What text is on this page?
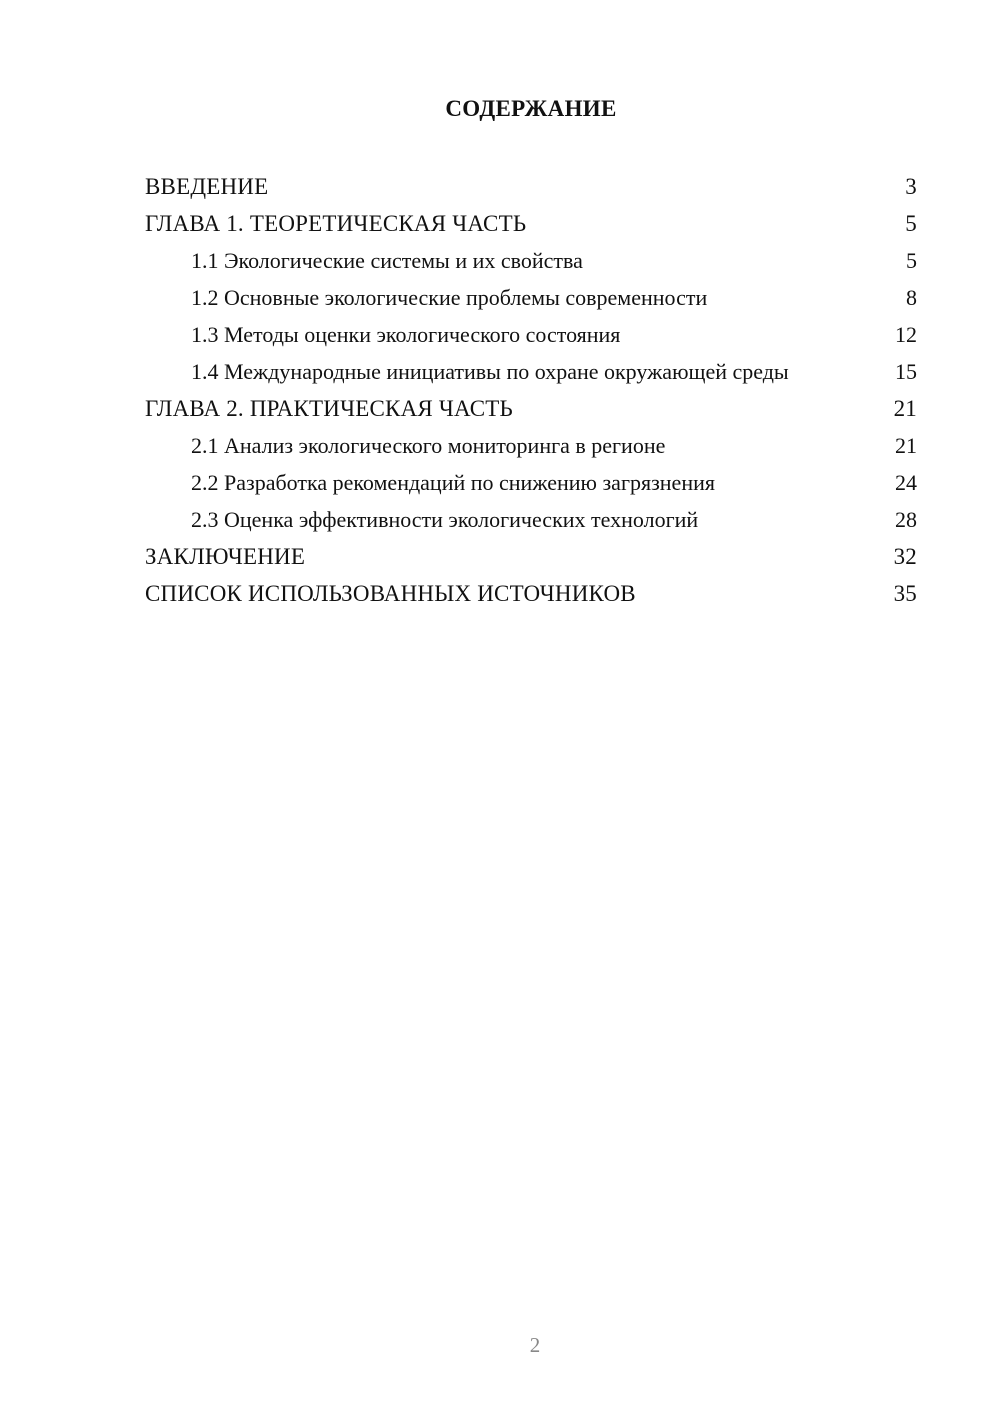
СОДЕРЖАНИЕ
ВВЕДЕНИЕ	3
ГЛАВА 1. ТЕОРЕТИЧЕСКАЯ ЧАСТЬ	5
1.1 Экологические системы и их свойства	5
1.2 Основные экологические проблемы современности	8
1.3 Методы оценки экологического состояния	12
1.4 Международные инициативы по охране окружающей среды	15
ГЛАВА 2. ПРАКТИЧЕСКАЯ ЧАСТЬ	21
2.1 Анализ экологического мониторинга в регионе	21
2.2 Разработка рекомендаций по снижению загрязнения	24
2.3 Оценка эффективности экологических технологий	28
ЗАКЛЮЧЕНИЕ	32
СПИСОК ИСПОЛЬЗОВАННЫХ ИСТОЧНИКОВ	35
2
